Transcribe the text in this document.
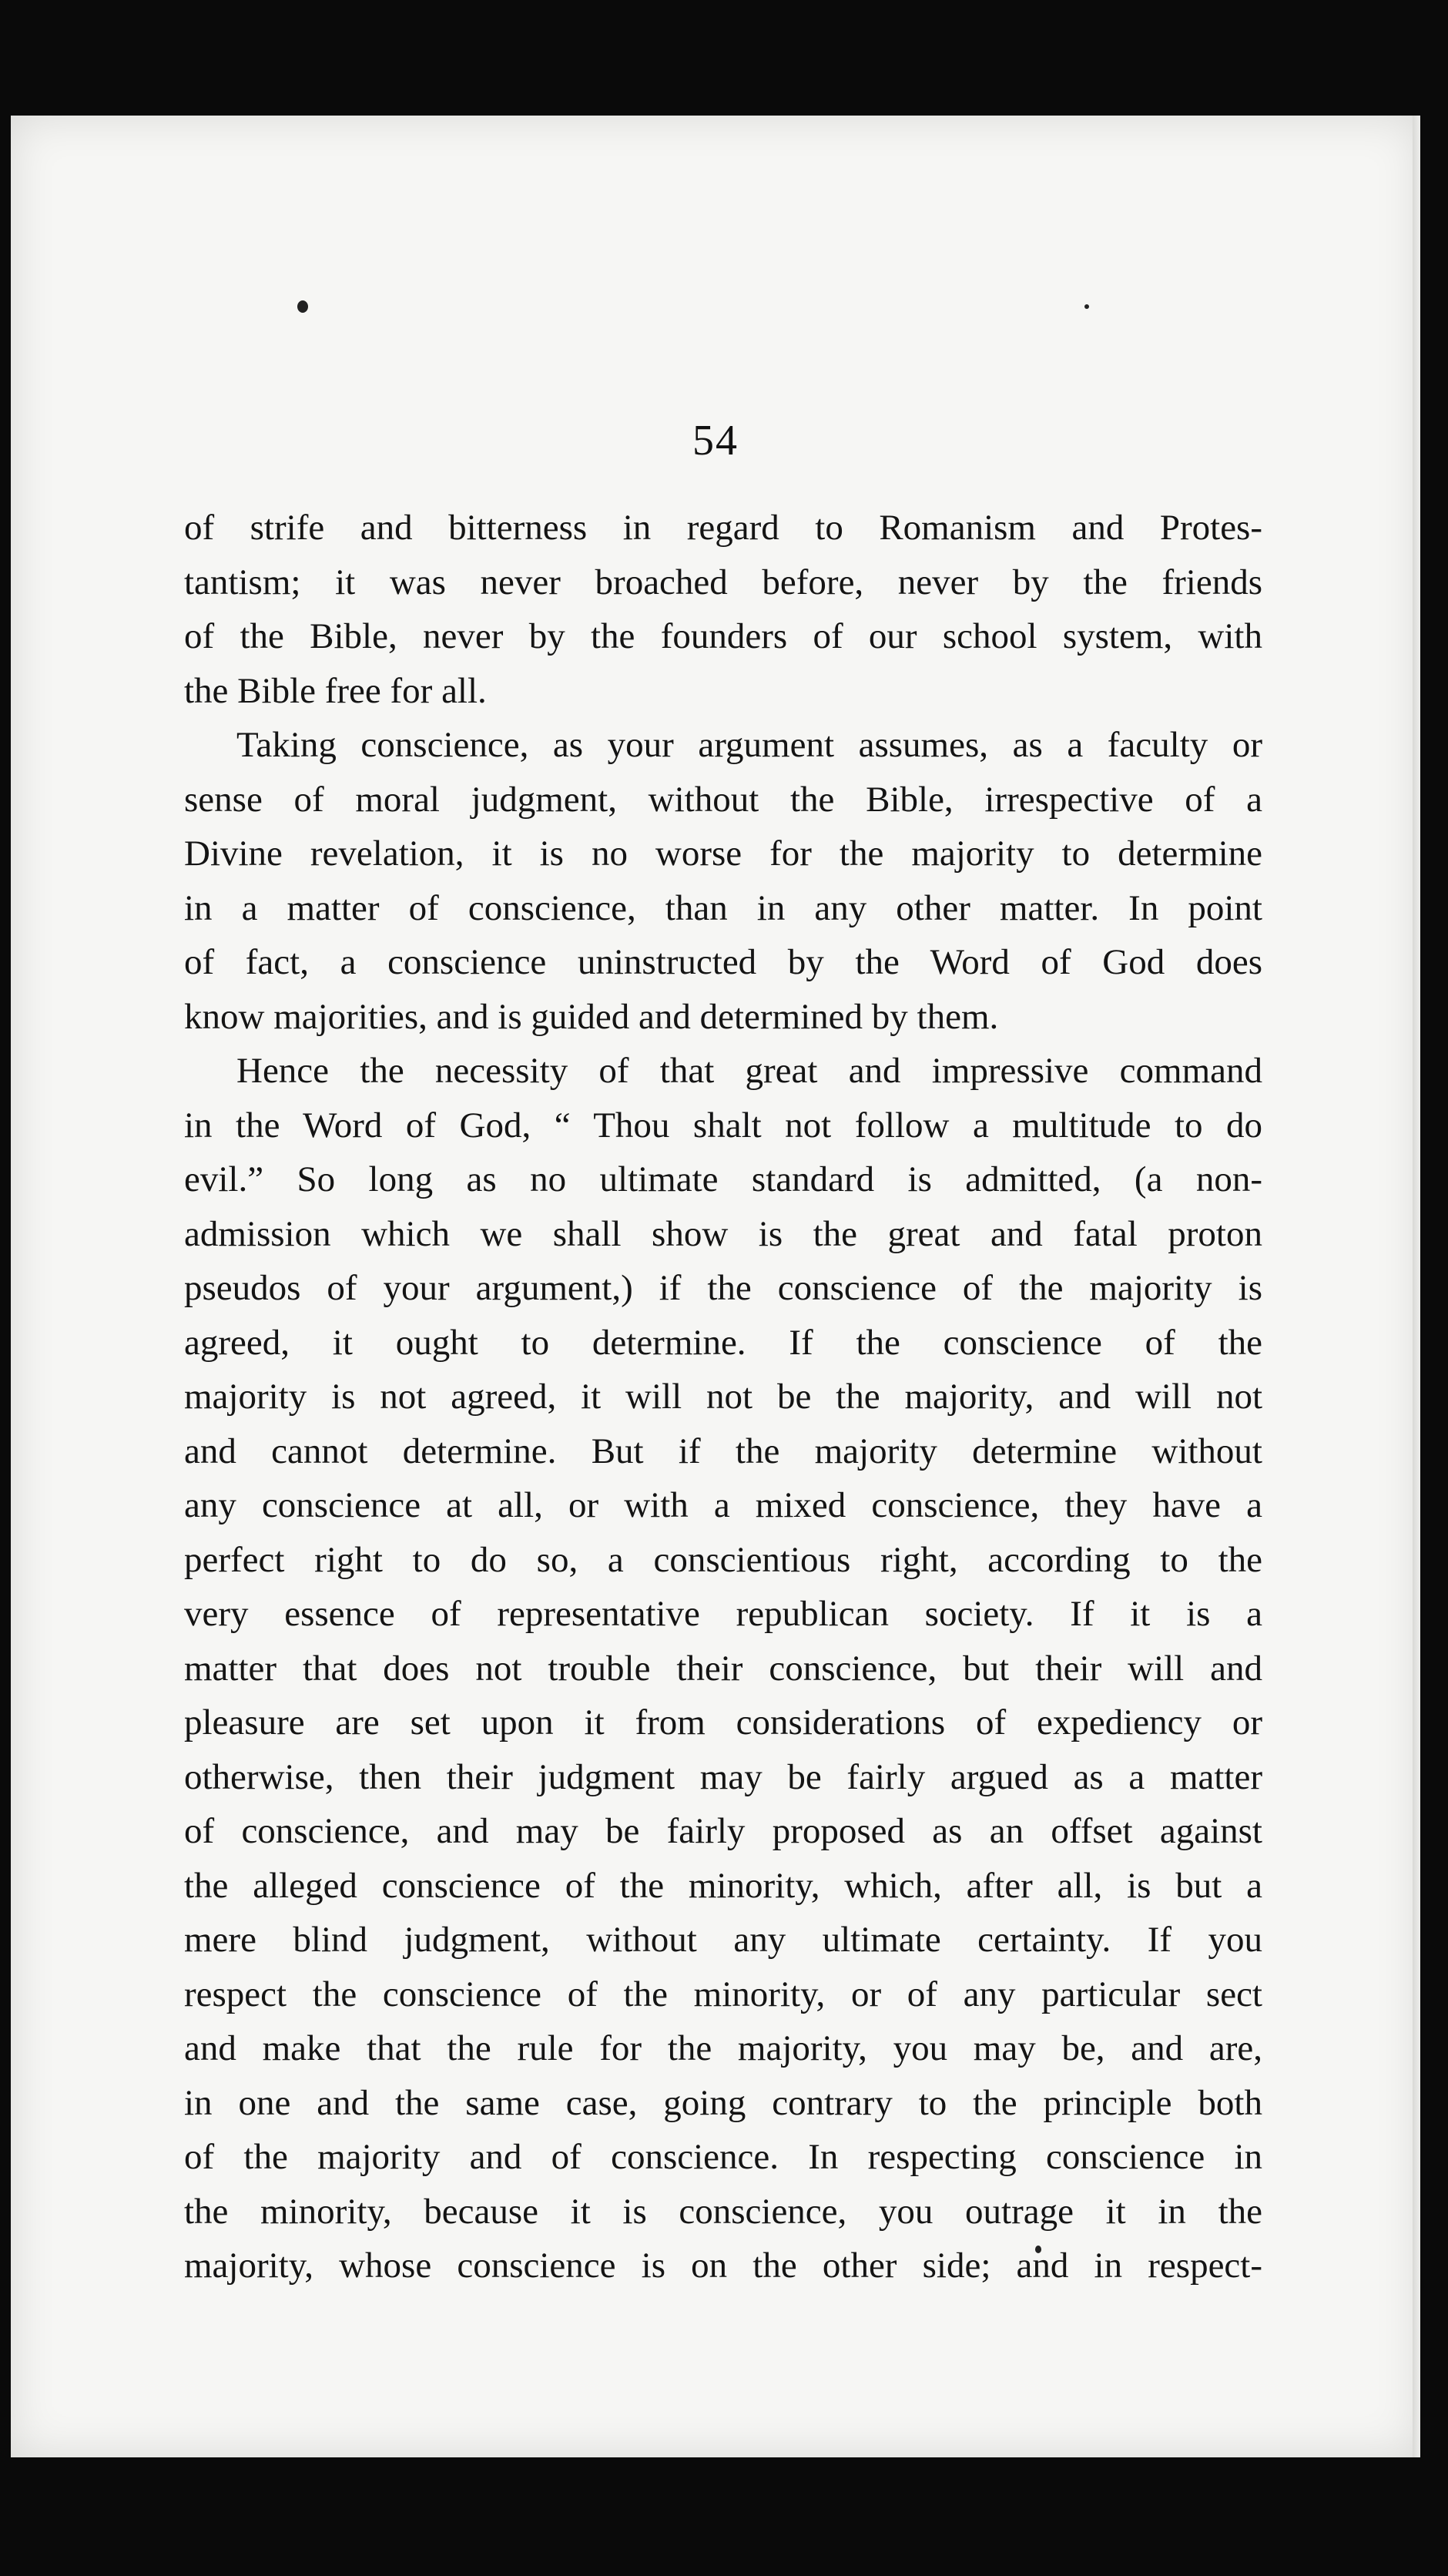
54
of strife and bitterness in regard to Romanism and Protes-
tantism; it was never broached before, never by the friends
of the Bible, never by the founders of our school system, with
the Bible free for all.
Taking conscience, as your argument assumes, as a faculty or
sense of moral judgment, without the Bible, irrespective of a
Divine revelation, it is no worse for the majority to determine
in a matter of conscience, than in any other matter. In point
of fact, a conscience uninstructed by the Word of God does
know majorities, and is guided and determined by them.
Hence the necessity of that great and impressive command
in the Word of God, “ Thou shalt not follow a multitude to do
evil.” So long as no ultimate standard is admitted, (a non-
admission which we shall show is the great and fatal proton
pseudos of your argument,) if the conscience of the majority is
agreed, it ought to determine. If the conscience of the
majority is not agreed, it will not be the majority, and will not
and cannot determine. But if the majority determine without
any conscience at all, or with a mixed conscience, they have a
perfect right to do so, a conscientious right, according to the
very essence of representative republican society. If it is a
matter that does not trouble their conscience, but their will and
pleasure are set upon it from considerations of expediency or
otherwise, then their judgment may be fairly argued as a matter
of conscience, and may be fairly proposed as an offset against
the alleged conscience of the minority, which, after all, is but a
mere blind judgment, without any ultimate certainty. If you
respect the conscience of the minority, or of any particular sect
and make that the rule for the majority, you may be, and are,
in one and the same case, going contrary to the principle both
of the majority and of conscience. In respecting conscience in
the minority, because it is conscience, you outrage it in the
majority, whose conscience is on the other side; and in respect-
